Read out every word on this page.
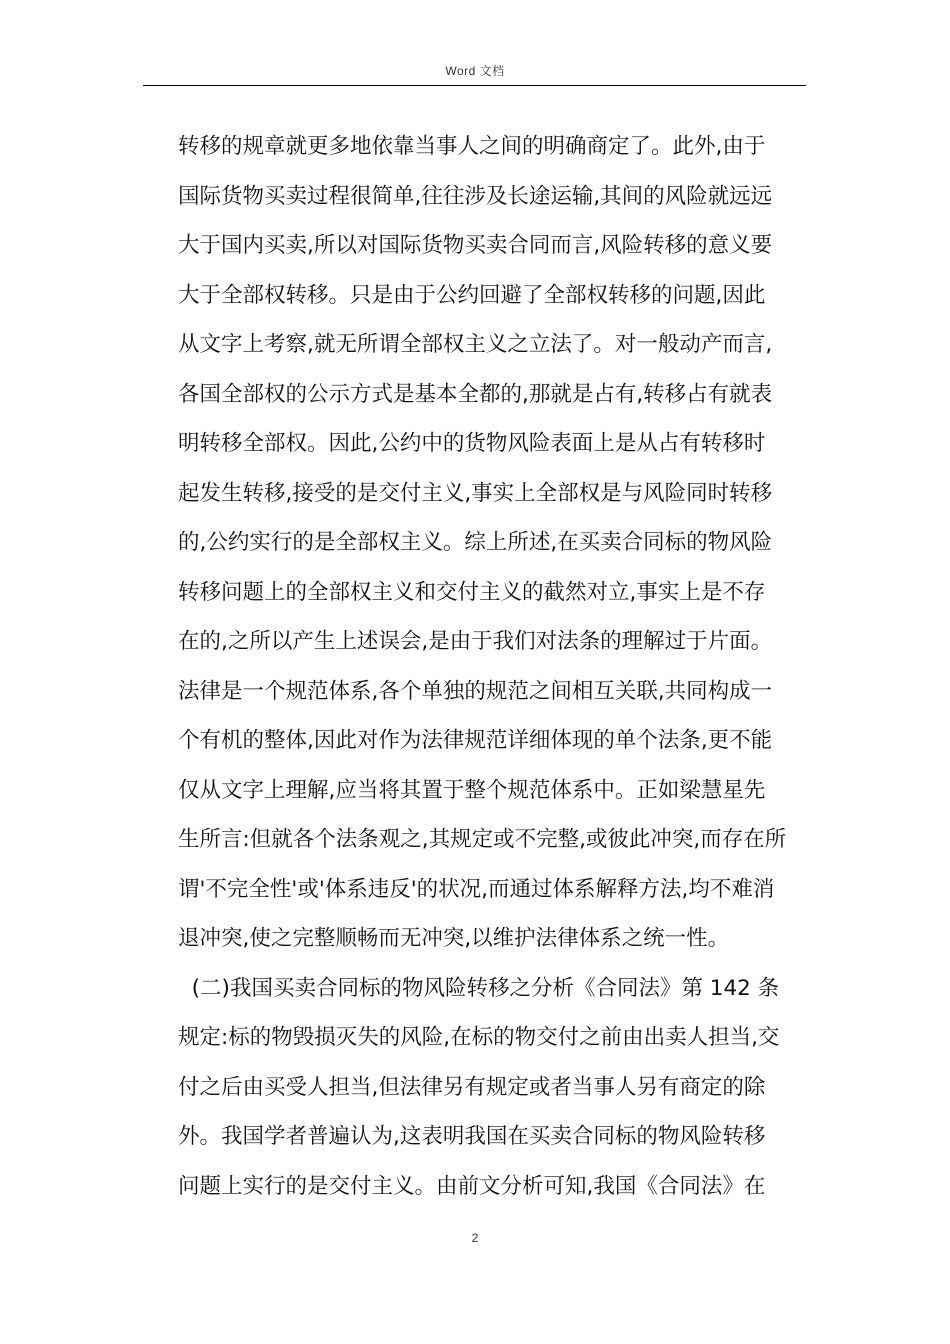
Word 文档
转移的规章就更多地依靠当事人之间的明确商定了。此外,由于
国际货物买卖过程很简单,往往涉及长途运输,其间的风险就远远
大于国内买卖,所以对国际货物买卖合同而言,风险转移的意义要
大于全部权转移。只是由于公约回避了全部权转移的问题,因此
从文字上考察,就无所谓全部权主义之立法了。对一般动产而言,
各国全部权的公示方式是基本全都的,那就是占有,转移占有就表
明转移全部权。因此,公约中的货物风险表面上是从占有转移时
起发生转移,接受的是交付主义,事实上全部权是与风险同时转移
的,公约实行的是全部权主义。综上所述,在买卖合同标的物风险
转移问题上的全部权主义和交付主义的截然对立,事实上是不存
在的,之所以产生上述误会,是由于我们对法条的理解过于片面。
法律是一个规范体系,各个单独的规范之间相互关联,共同构成一
个有机的整体,因此对作为法律规范详细体现的单个法条,更不能
仅从文字上理解,应当将其置于整个规范体系中。正如梁慧星先
生所言:但就各个法条观之,其规定或不完整,或彼此冲突,而存在所
谓'不完全性'或'体系违反'的状况,而通过体系解释方法,均不难消
退冲突,使之完整顺畅而无冲突,以维护法律体系之统一性。
(二)我国买卖合同标的物风险转移之分析《合同法》第 142 条
规定:标的物毁损灭失的风险,在标的物交付之前由出卖人担当,交
付之后由买受人担当,但法律另有规定或者当事人另有商定的除
外。我国学者普遍认为,这表明我国在买卖合同标的物风险转移
问题上实行的是交付主义。由前文分析可知,我国《合同法》在
2
